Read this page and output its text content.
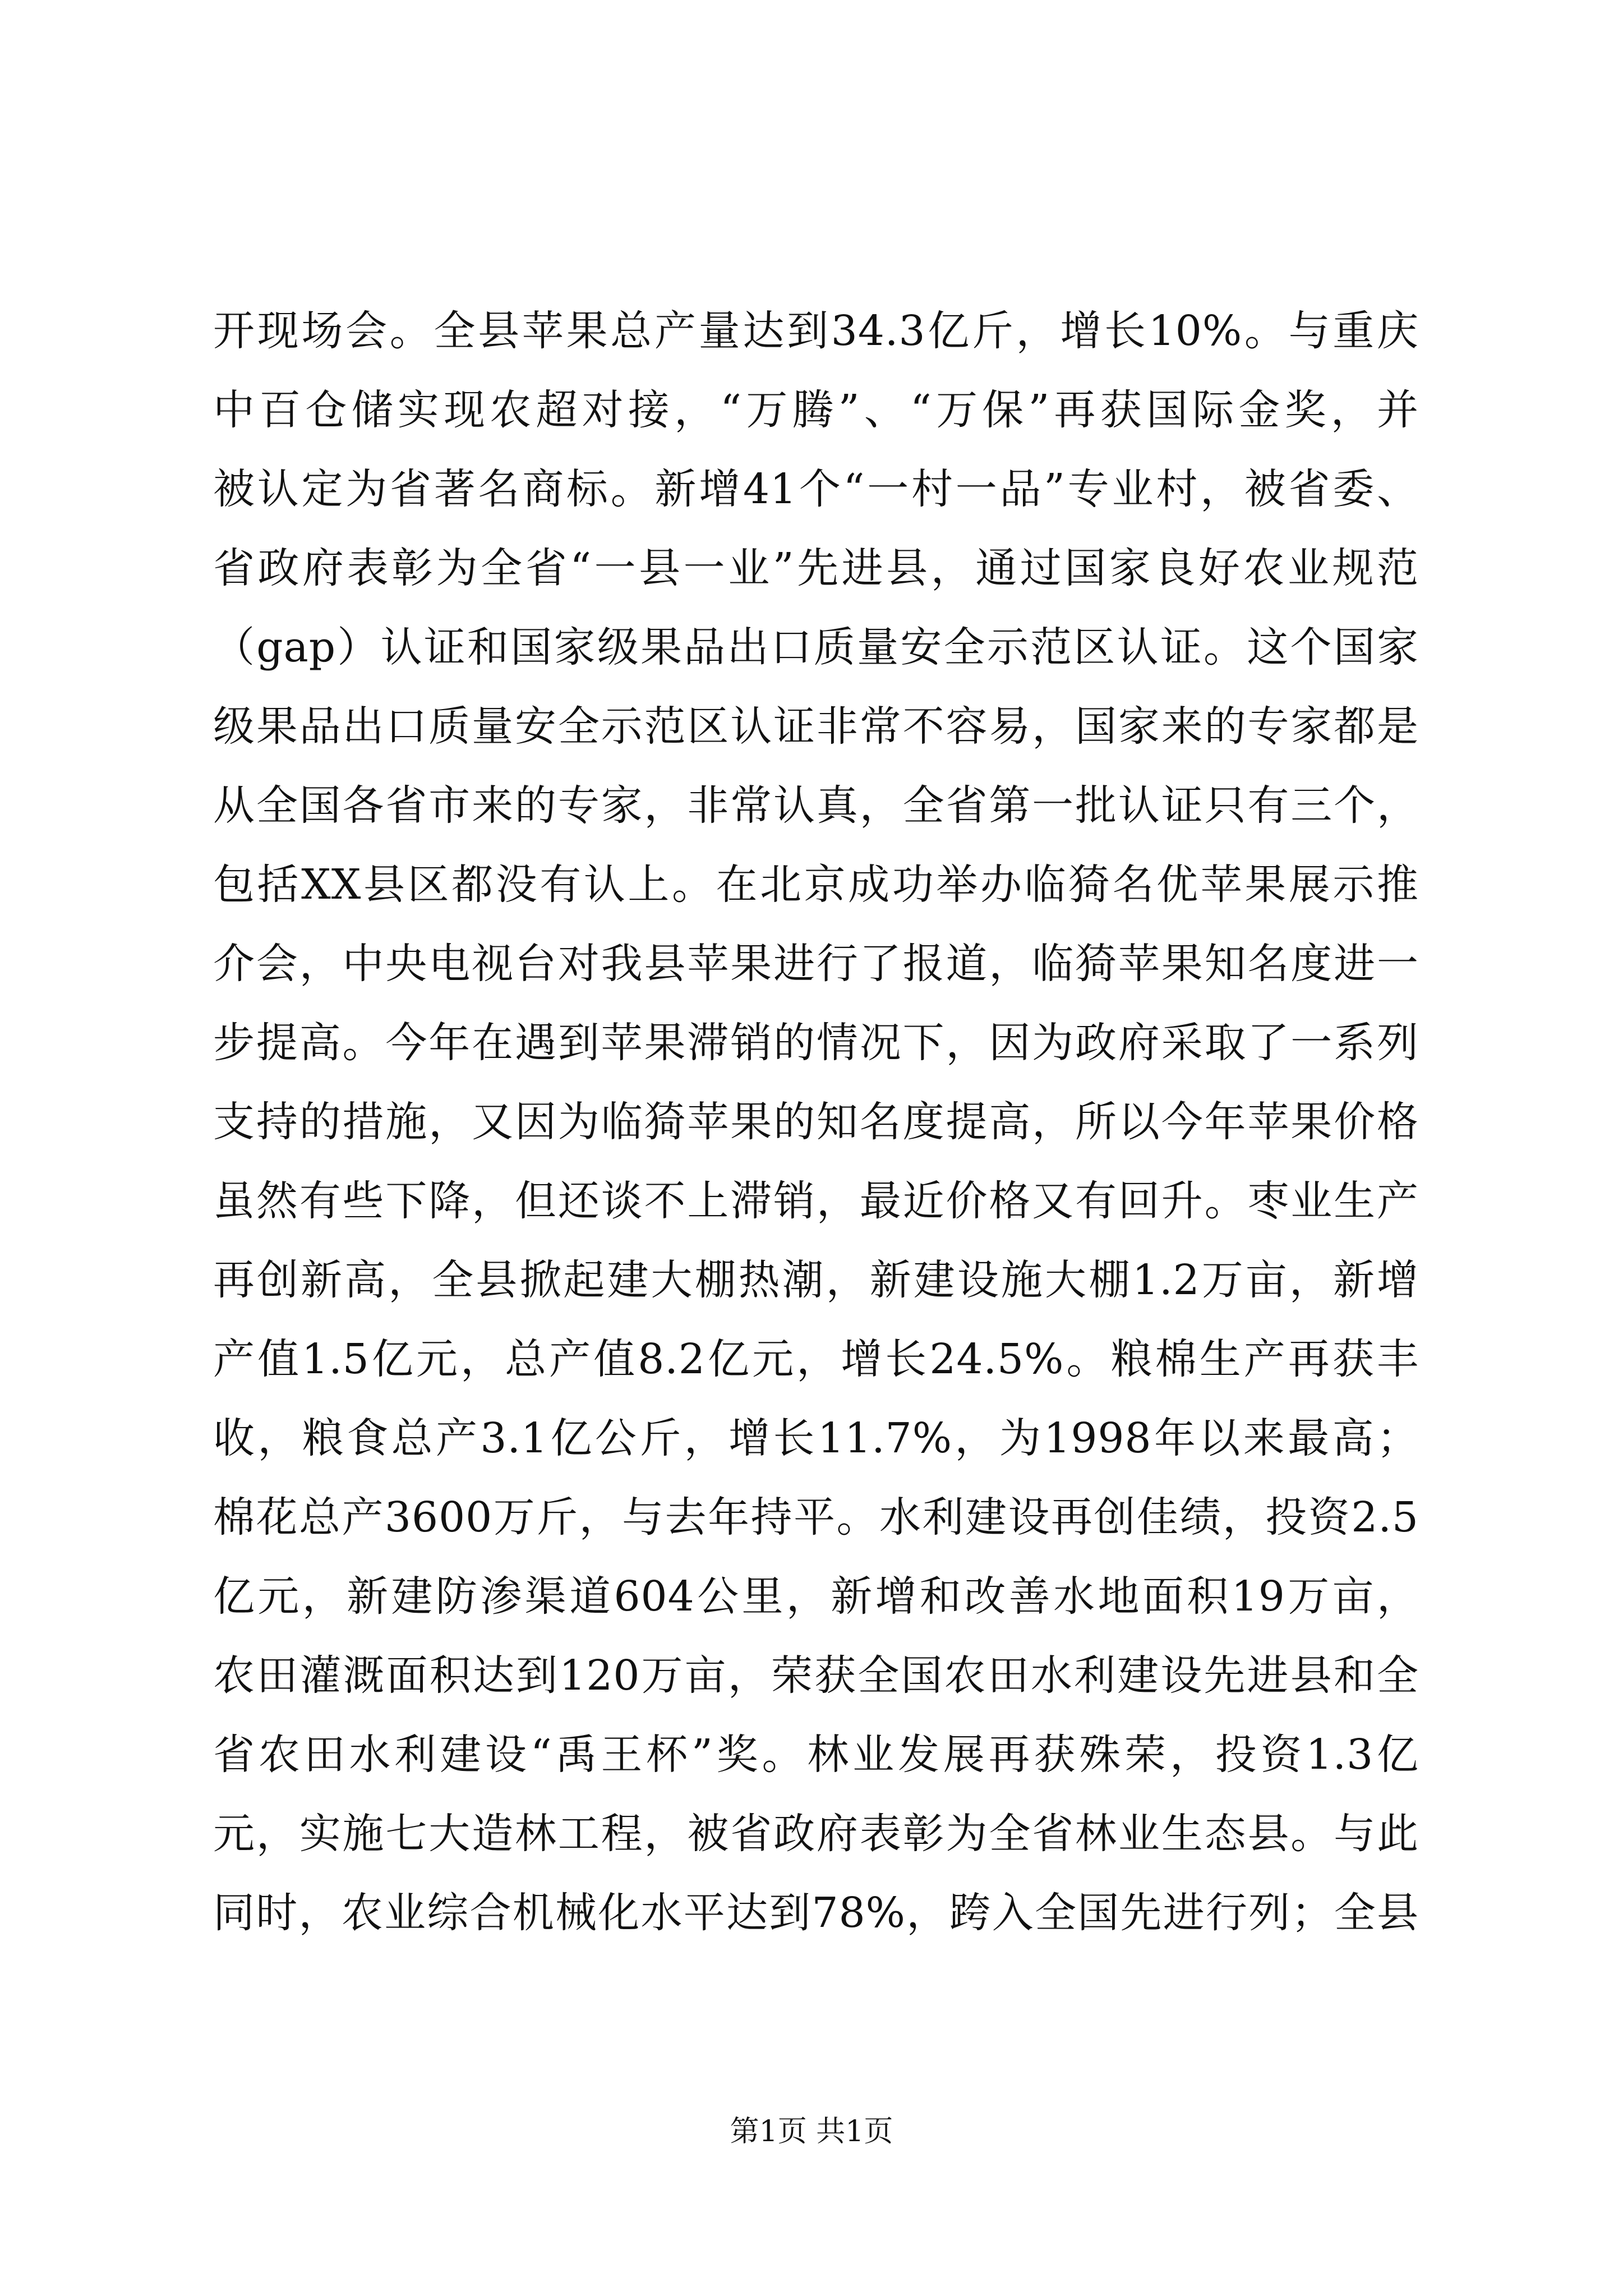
开现场会。全县苹果总产量达到34.3亿斤，增长10%。与重庆
中百仓储实现农超对接，“万腾”、“万保”再获国际金奖，并
被认定为省著名商标。新增41个“一村一品”专业村，被省委、
省政府表彰为全省“一县一业”先进县，通过国家良好农业规范
（gap）认证和国家级果品出口质量安全示范区认证。这个国家
级果品出口质量安全示范区认证非常不容易，国家来的专家都是
从全国各省市来的专家，非常认真，全省第一批认证只有三个，
包括XX县区都没有认上。在北京成功举办临猗名优苹果展示推
介会，中央电视台对我县苹果进行了报道，临猗苹果知名度进一
步提高。今年在遇到苹果滞销的情况下，因为政府采取了一系列
支持的措施，又因为临猗苹果的知名度提高，所以今年苹果价格
虽然有些下降，但还谈不上滞销，最近价格又有回升。枣业生产
再创新高，全县掀起建大棚热潮，新建设施大棚1.2万亩，新增
产值1.5亿元，总产值8.2亿元，增长24.5%。粮棉生产再获丰
收，粮食总产3.1亿公斤，增长11.7%，为1998年以来最高；
棉花总产3600万斤，与去年持平。水利建设再创佳绩，投资2.5
亿元，新建防渗渠道604公里，新增和改善水地面积19万亩，
农田灌溉面积达到120万亩，荣获全国农田水利建设先进县和全
省农田水利建设“禹王杯”奖。林业发展再获殊荣，投资1.3亿
元，实施七大造林工程，被省政府表彰为全省林业生态县。与此
同时，农业综合机械化水平达到78%，跨入全国先进行列；全县
第1页 共1页
